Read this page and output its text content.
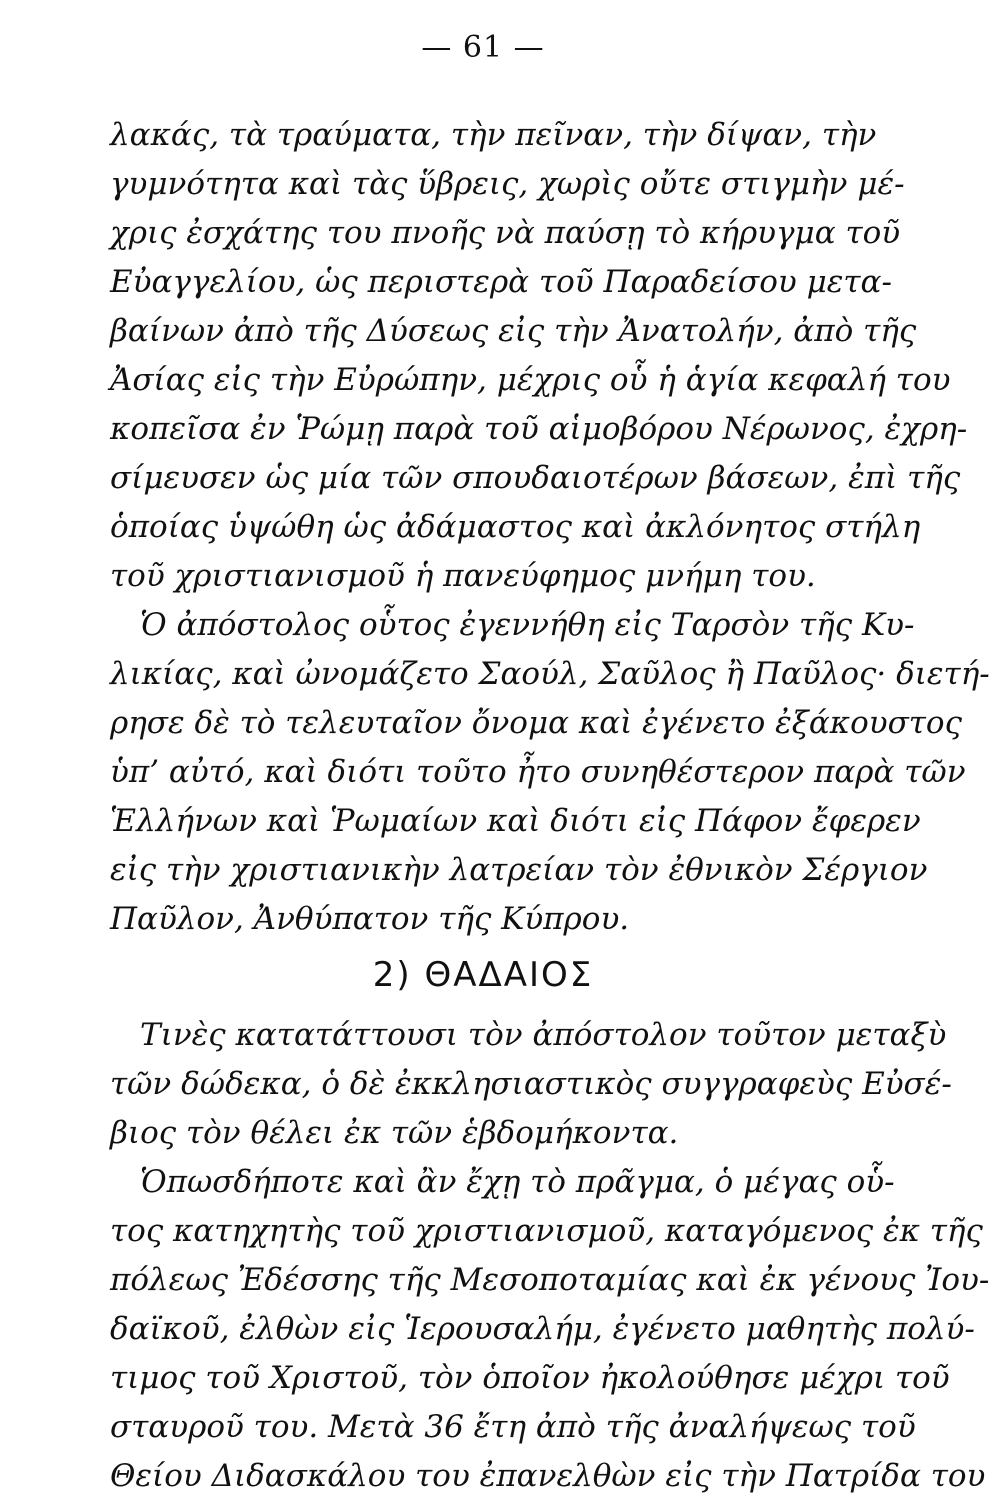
— 61 —
λακάς, τὰ τραύματα, τὴν πεῖναν, τὴν δίψαν, τὴν
γυμνότητα καὶ τὰς ὕβρεις, χωρὶς οὔτε στιγμὴν μέ-
χρις ἐσχάτης του πνοῆς νὰ παύσῃ τὸ κήρυγμα τοῦ
Εὐαγγελίου, ὡς περιστερὰ τοῦ Παραδείσου μετα-
βαίνων ἀπὸ τῆς Δύσεως εἰς τὴν Ἀνατολήν, ἀπὸ τῆς
Ἀσίας εἰς τὴν Εὐρώπην, μέχρις οὗ ἡ ἁγία κεφαλή του
κοπεῖσα ἐν Ῥώμῃ παρὰ τοῦ αἱμοβόρου Νέρωνος, ἐχρη-
σίμευσεν ὡς μία τῶν σπουδαιοτέρων βάσεων, ἐπὶ τῆς
ὁποίας ὑψώθη ὡς ἀδάμαστος καὶ ἀκλόνητος στήλη
τοῦ χριστιανισμοῦ ἡ πανεύφημος μνήμη του.
Ὁ ἀπόστολος οὗτος ἐγεννήθη εἰς Ταρσὸν τῆς Κυ-
λικίας, καὶ ὠνομάζετο Σαούλ, Σαῦλος ἢ Παῦλος· διετή-
ρησε δὲ τὸ τελευταῖον ὄνομα καὶ ἐγένετο ἐξάκουστος
ὑπ’ αὐτό, καὶ διότι τοῦτο ἦτο συνηθέστερον παρὰ τῶν
Ἑλλήνων καὶ Ῥωμαίων καὶ διότι εἰς Πάφον ἔφερεν
εἰς τὴν χριστιανικὴν λατρείαν τὸν ἐθνικὸν Σέργιον
Παῦλον, Ἀνθύπατον τῆς Κύπρου.
2) ΘΑΔΑΙΟΣ
Τινὲς κατατάττουσι τὸν ἀπόστολον τοῦτον μεταξὺ
τῶν δώδεκα, ὁ δὲ ἐκκλησιαστικὸς συγγραφεὺς Εὐσέ-
βιος τὸν θέλει ἐκ τῶν ἑβδομήκοντα.
Ὁπωσδήποτε καὶ ἂν ἔχῃ τὸ πρᾶγμα, ὁ μέγας οὗ-
τος κατηχητὴς τοῦ χριστιανισμοῦ, καταγόμενος ἐκ τῆς
πόλεως Ἐδέσσης τῆς Μεσοποταμίας καὶ ἐκ γένους Ἰου-
δαϊκοῦ, ἐλθὼν εἰς Ἱερουσαλήμ, ἐγένετο μαθητὴς πολύ-
τιμος τοῦ Χριστοῦ, τὸν ὁποῖον ἠκολούθησε μέχρι τοῦ
σταυροῦ του. Μετὰ 36 ἔτη ἀπὸ τῆς ἀναλήψεως τοῦ
Θείου Διδασκάλου του ἐπανελθὼν εἰς τὴν Πατρίδα του
